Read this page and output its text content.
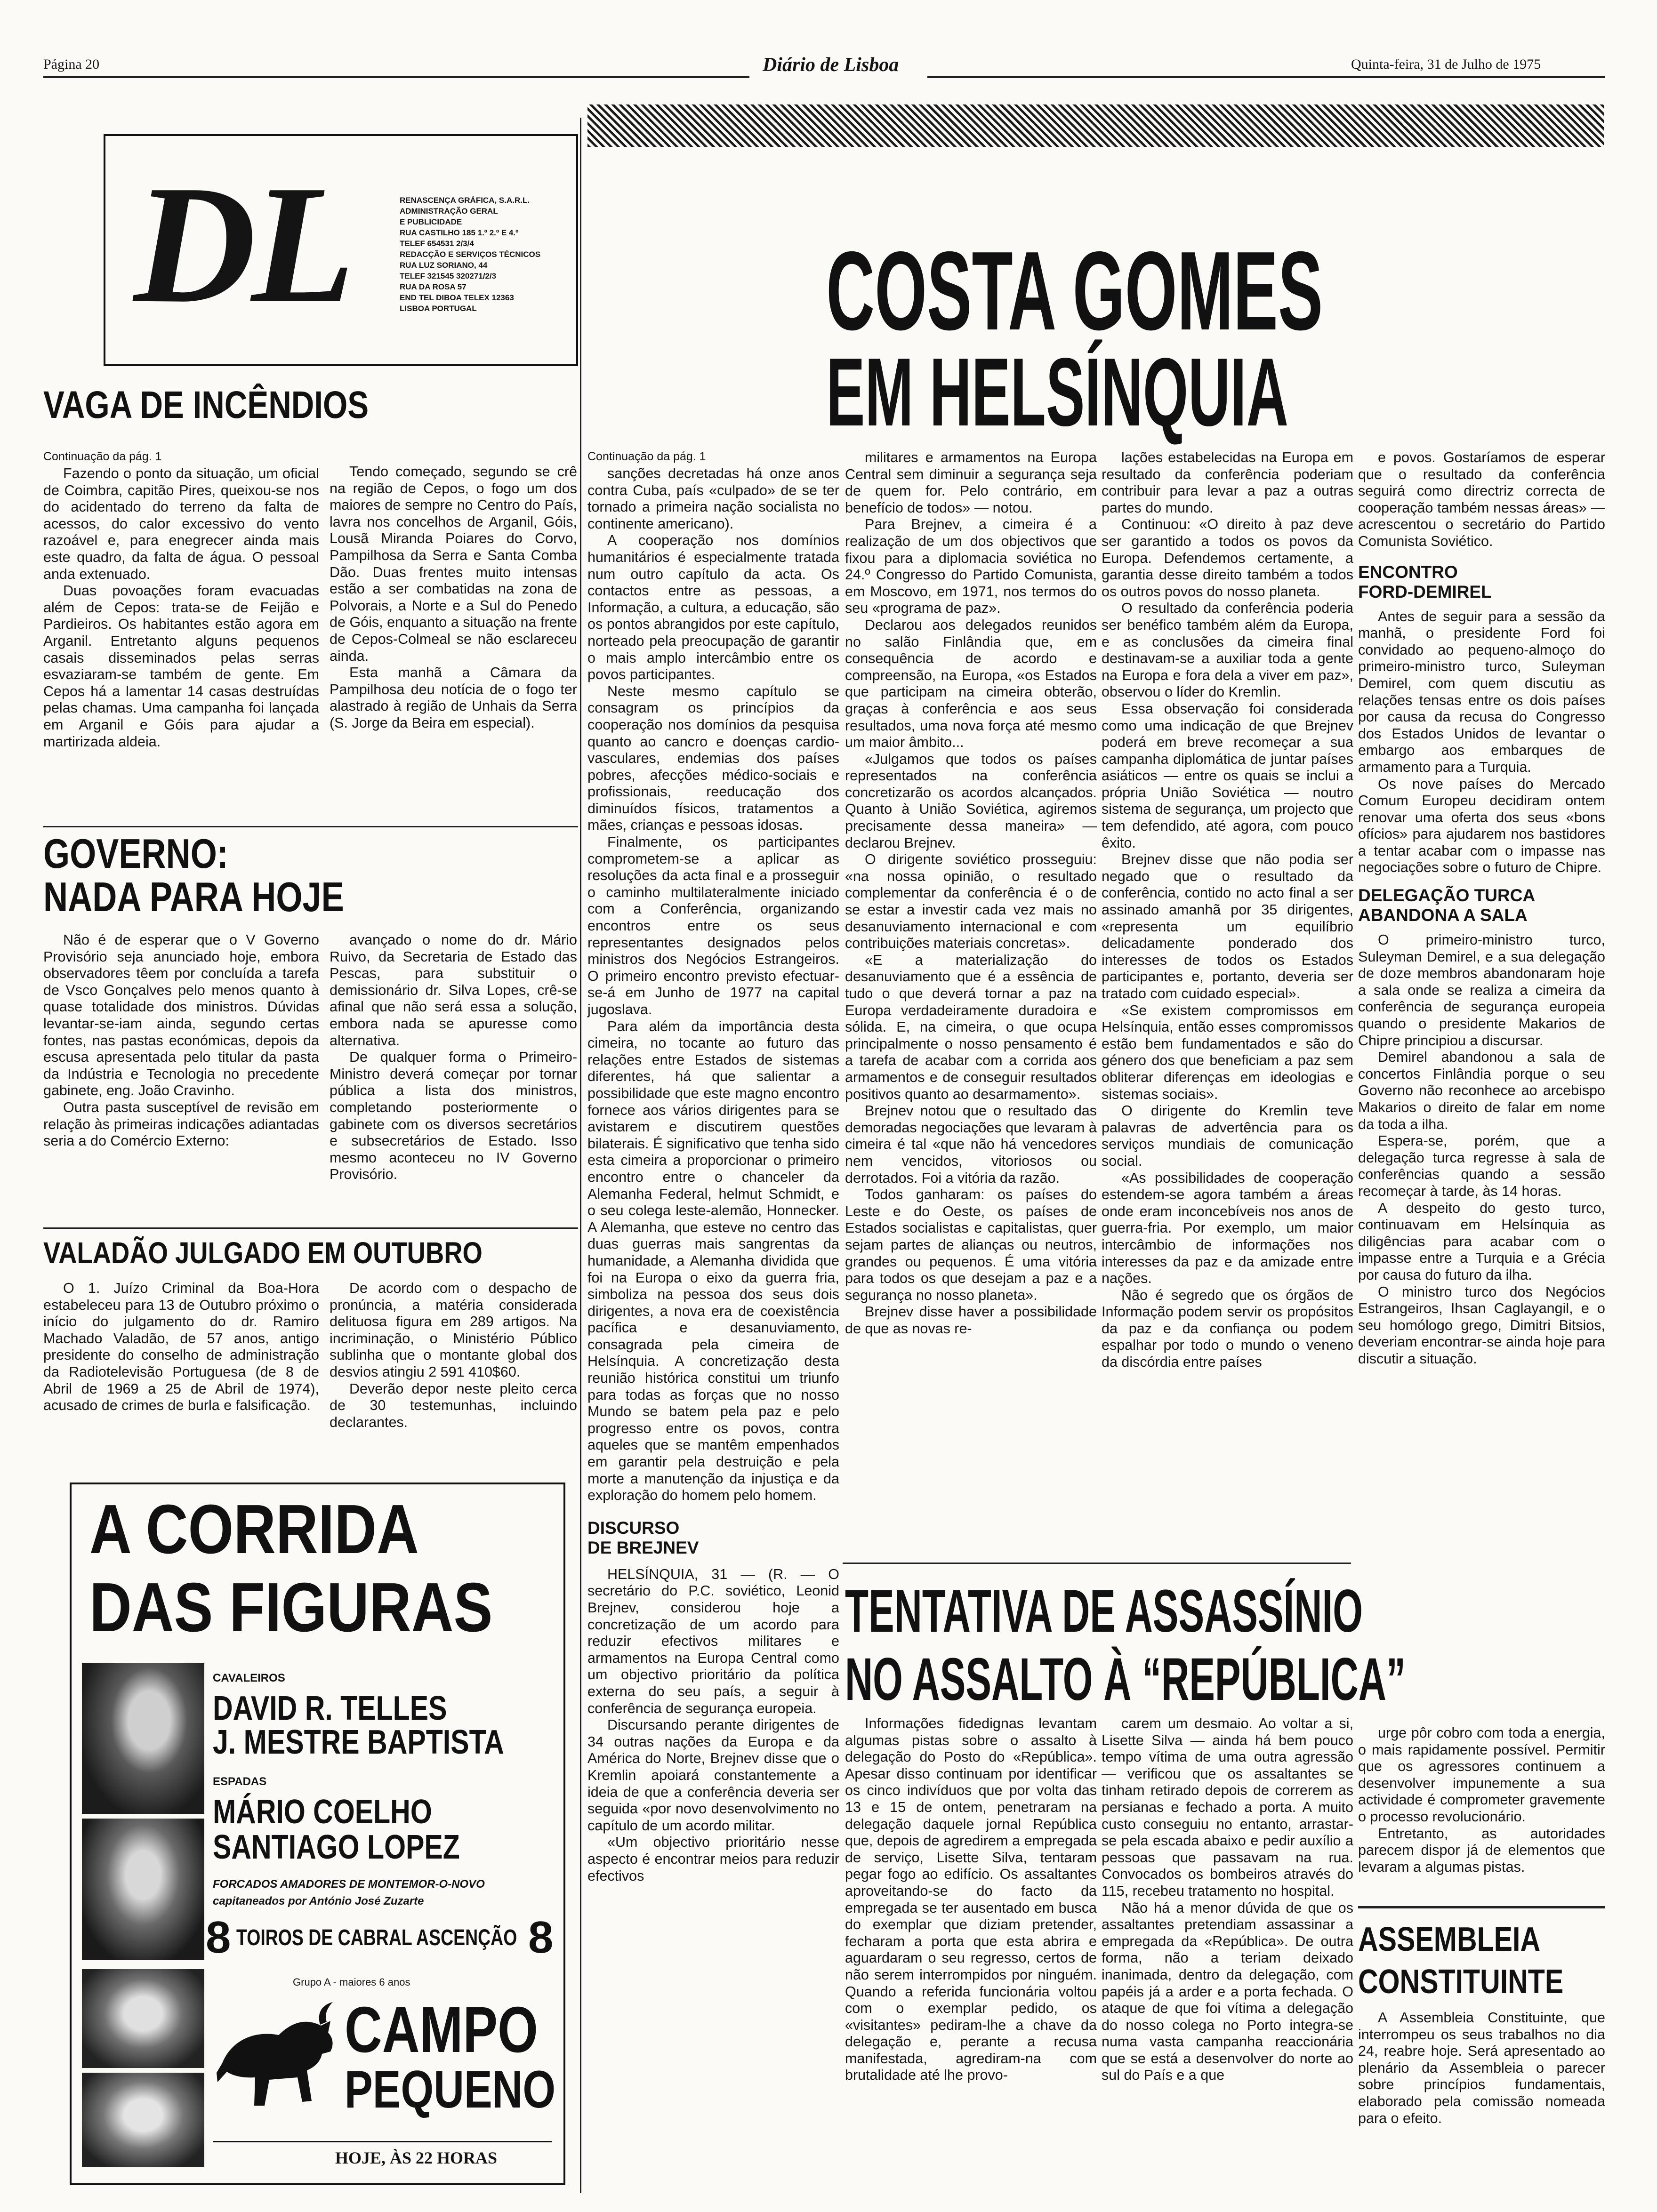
Página 20	Diário de Lisboa	Quinta-feira, 31 de Julho de 1975
DL	RENASCENÇA GRÁFICA, S.A.R.L.
ADMINISTRAÇÃO GERAL
E PUBLICIDADE
RUA CASTILHO 185 1.º 2.º E 4.º
TELEF 654531 2/3/4
REDACÇÃO E SERVIÇOS TÉCNICOS
RUA LUZ SORIANO, 44
TELEF 321545 320271/2/3
RUA DA ROSA 57
END TEL DIBOA TELEX 12363
LISBOA PORTUGAL
VAGA DE INCÊNDIOS
Continuação da pág. 1

Fazendo o ponto da situação, um oficial de Coimbra, capitão Pires, queixou-se nos do acidentado do terreno da falta de acessos, do calor excessivo do vento razoável e, para enegrecer ainda mais este quadro, da falta de água. O pessoal anda extenuado.

Duas povoações foram evacuadas além de Cepos: trata-se de Feijão e Pardieiros. Os habitantes estão agora em Arganil. Entretanto alguns pequenos casais disseminados pelas serras esvaziaram-se também de gente. Em Cepos há a lamentar 14 casas destruídas pelas chamas. Uma campanha foi lançada em Arganil e Góis para ajudar a martirizada aldeia.

Tendo começado, segundo se crê na região de Cepos, o fogo um dos maiores de sempre no Centro do País, lavra nos concelhos de Arganil, Góis, Lousã Miranda Poiares do Corvo, Pampilhosa da Serra e Santa Comba Dão. Duas frentes muito intensas estão a ser combatidas na zona de Polvorais, a Norte e a Sul do Penedo de Góis, enquanto a situação na frente de Cepos-Colmeal se não esclareceu ainda.

Esta manhã a Câmara da Pampilhosa deu notícia de o fogo ter alastrado à região de Unhais da Serra (S. Jorge da Beira em especial).

GOVERNO:
NADA PARA HOJE

Não é de esperar que o V Governo Provisório seja anunciado hoje, embora observadores têem por concluída a tarefa de Vsco Gonçalves pelo menos quanto à quase totalidade dos ministros. Dúvidas levantar-se-iam ainda, segundo certas fontes, nas pastas económicas, depois da escusa apresentada pelo titular da pasta da Indústria e Tecnologia no precedente gabinete, eng. João Cravinho.

Outra pasta susceptível de revisão em relação às primeiras indicações adiantadas seria a do Comércio Externo:

avançado o nome do dr. Mário Ruivo, da Secretaria de Estado das Pescas, para substituir o demissionário dr. Silva Lopes, crê-se afinal que não será essa a solução, embora nada se apuresse como alternativa.

De qualquer forma o Primeiro-Ministro deverá começar por tornar pública a lista dos ministros, completando posteriormente o gabinete com os diversos secretários e subsecretários de Estado. Isso mesmo aconteceu no IV Governo Provisório.

VALADÃO JULGADO EM OUTUBRO

O 1. Juízo Criminal da Boa-Hora estabeleceu para 13 de Outubro próximo o início do julgamento do dr. Ramiro Machado Valadão, de 57 anos, antigo presidente do conselho de administração da Radiotelevisão Portuguesa (de 8 de Abril de 1969 a 25 de Abril de 1974), acusado de crimes de burla e falsificação.

De acordo com o despacho de pronúncia, a matéria considerada delituosa figura em 289 artigos. Na incriminação, o Ministério Público sublinha que o montante global dos desvios atingiu 2 591 410$60.

Deverão depor neste pleito cerca de 30 testemunhas, incluindo declarantes.

A CORRIDA
DAS FIGURAS
CAVALEIROS
DAVID R. TELLES
J. MESTRE BAPTISTA
ESPADAS
MÁRIO COELHO
SANTIAGO LOPEZ
FORCADOS AMADORES DE MONTEMOR-O-NOVO
capitaneados por António José Zuzarte
8 TOIROS DE CABRAL ASCENÇÃO 8
Grupo A - maiores 6 anos
CAMPO
PEQUENO
HOJE, ÀS 22 HORAS
COSTA GOMES
EM HELSÍNQUIA
Continuação da pág. 1

sanções decretadas há onze anos contra Cuba, país «culpado» de se ter tornado a primeira nação socialista no continente americano).

A cooperação nos domínios humanitários é especialmente tratada num outro capítulo da acta. Os contactos entre as pessoas, a Informação, a cultura, a educação, são os pontos abrangidos por este capítulo, norteado pela preocupação de garantir o mais amplo intercâmbio entre os povos participantes.

Neste mesmo capítulo se consagram os princípios da cooperação nos domínios da pesquisa quanto ao cancro e doenças cardio-vasculares, endemias dos países pobres, afecções médico-sociais e profissionais, reeducação dos diminuídos físicos, tratamentos a mães, crianças e pessoas idosas.

Finalmente, os participantes comprometem-se a aplicar as resoluções da acta final e a prosseguir o caminho multilateralmente iniciado com a Conferência, organizando encontros entre os seus representantes designados pelos ministros dos Negócios Estrangeiros. O primeiro encontro previsto efectuar-se-á em Junho de 1977 na capital jugoslava.

Para além da importância desta cimeira, no tocante ao futuro das relações entre Estados de sistemas diferentes, há que salientar a possibilidade que este magno encontro fornece aos vários dirigentes para se avistarem e discutirem questões bilaterais. É significativo que tenha sido esta cimeira a proporcionar o primeiro encontro entre o chanceler da Alemanha Federal, helmut Schmidt, e o seu colega leste-alemão, Honnecker. A Alemanha, que esteve no centro das duas guerras mais sangrentas da humanidade, a Alemanha dividida que foi na Europa o eixo da guerra fria, simboliza na pessoa dos seus dois dirigentes, a nova era de coexistência pacífica e desanuviamento, consagrada pela cimeira de Helsínquia. A concretização desta reunião histórica constitui um triunfo para todas as forças que no nosso Mundo se batem pela paz e pelo progresso entre os povos, contra aqueles que se mantêm empenhados em garantir pela destruição e pela morte a manutenção da injustiça e da exploração do homem pelo homem.

DISCURSO
DE BREJNEV

HELSÍNQUIA, 31 — (R. — O secretário do P.C. soviético, Leonid Brejnev, considerou hoje a concretização de um acordo para reduzir efectivos militares e armamentos na Europa Central como um objectivo prioritário da política externa do seu país, a seguir à conferência de segurança europeia.

Discursando perante dirigentes de 34 outras nações da Europa e da América do Norte, Brejnev disse que o Kremlin apoiará constantemente a ideia de que a conferência deveria ser seguida «por novo desenvolvimento no capítulo de um acordo militar.

«Um objectivo prioritário nesse aspecto é encontrar meios para reduzir efectivos

militares e armamentos na Europa Central sem diminuir a segurança seja de quem for. Pelo contrário, em benefício de todos» — notou.

Para Brejnev, a cimeira é a realização de um dos objectivos que fixou para a diplomacia soviética no 24.º Congresso do Partido Comunista, em Moscovo, em 1971, nos termos do seu «programa de paz».

Declarou aos delegados reunidos no salão Finlândia que, em consequência de acordo e compreensão, na Europa, «os Estados que participam na cimeira obterão, graças à conferência e aos seus resultados, uma nova força até mesmo um maior âmbito...

«Julgamos que todos os países representados na conferência concretizarão os acordos alcançados. Quanto à União Soviética, agiremos precisamente dessa maneira» — declarou Brejnev.

O dirigente soviético prosseguiu: «na nossa opinião, o resultado complementar da conferência é o de se estar a investir cada vez mais no desanuviamento internacional e com contribuições materiais concretas».

«E a materialização do desanuviamento que é a essência de tudo o que deverá tornar a paz na Europa verdadeiramente duradoira e sólida. E, na cimeira, o que ocupa principalmente o nosso pensamento é a tarefa de acabar com a corrida aos armamentos e de conseguir resultados positivos quanto ao desarmamento».

Brejnev notou que o resultado das demoradas negociações que levaram à cimeira é tal «que não há vencedores nem vencidos, vitoriosos ou derrotados. Foi a vitória da razão.

Todos ganharam: os países do Leste e do Oeste, os países de Estados socialistas e capitalistas, quer sejam partes de alianças ou neutros, grandes ou pequenos. É uma vitória para todos os que desejam a paz e a segurança no nosso planeta».

Brejnev disse haver a possibilidade de que as novas re-

lações estabelecidas na Europa em resultado da conferência poderiam contribuir para levar a paz a outras partes do mundo.

Continuou: «O direito à paz deve ser garantido a todos os povos da Europa. Defendemos certamente, a garantia desse direito também a todos os outros povos do nosso planeta.

O resultado da conferência poderia ser benéfico também além da Europa, e as conclusões da cimeira final destinavam-se a auxiliar toda a gente na Europa e fora dela a viver em paz», observou o líder do Kremlin.

Essa observação foi considerada como uma indicação de que Brejnev poderá em breve recomeçar a sua campanha diplomática de juntar países asiáticos — entre os quais se inclui a própria União Soviética — noutro sistema de segurança, um projecto que tem defendido, até agora, com pouco êxito.

Brejnev disse que não podia ser negado que o resultado da conferência, contido no acto final a ser assinado amanhã por 35 dirigentes, «representa um equilíbrio delicadamente ponderado dos interesses de todos os Estados participantes e, portanto, deveria ser tratado com cuidado especial».

«Se existem compromissos em Helsínquia, então esses compromissos estão bem fundamentados e são do género dos que beneficiam a paz sem obliterar diferenças em ideologias e sistemas sociais».

O dirigente do Kremlin teve palavras de advertência para os serviços mundiais de comunicação social.

«As possibilidades de cooperação estendem-se agora também a áreas onde eram inconcebíveis nos anos de guerra-fria. Por exemplo, um maior intercâmbio de informações nos interesses da paz e da amizade entre nações.

Não é segredo que os órgãos de Informação podem servir os propósitos da paz e da confiança ou podem espalhar por todo o mundo o veneno da discórdia entre países

e povos. Gostaríamos de esperar que o resultado da conferência seguirá como directriz correcta de cooperação também nessas áreas» — acrescentou o secretário do Partido Comunista Soviético.

ENCONTRO
FORD-DEMIREL

Antes de seguir para a sessão da manhã, o presidente Ford foi convidado ao pequeno-almoço do primeiro-ministro turco, Suleyman Demirel, com quem discutiu as relações tensas entre os dois países por causa da recusa do Congresso dos Estados Unidos de levantar o embargo aos embarques de armamento para a Turquia.

Os nove países do Mercado Comum Europeu decidiram ontem renovar uma oferta dos seus «bons ofícios» para ajudarem nos bastidores a tentar acabar com o impasse nas negociações sobre o futuro de Chipre.

DELEGAÇÃO TURCA
ABANDONA A SALA

O primeiro-ministro turco, Suleyman Demirel, e a sua delegação de doze membros abandonaram hoje a sala onde se realiza a cimeira da conferência de segurança europeia quando o presidente Makarios de Chipre principiou a discursar.

Demirel abandonou a sala de concertos Finlândia porque o seu Governo não reconhece ao arcebispo Makarios o direito de falar em nome da toda a ilha.

Espera-se, porém, que a delegação turca regresse à sala de conferências quando a sessão recomeçar à tarde, às 14 horas.

A despeito do gesto turco, continuavam em Helsínquia as diligências para acabar com o impasse entre a Turquia e a Grécia por causa do futuro da ilha.

O ministro turco dos Negócios Estrangeiros, Ihsan Caglayangil, e o seu homólogo grego, Dimitri Bitsios, deveriam encontrar-se ainda hoje para discutir a situação.

TENTATIVA DE ASSASSÍNIO
NO ASSALTO À “REPÚBLICA”

Informações fidedignas levantam algumas pistas sobre o assalto à delegação do Posto do «República». Apesar disso continuam por identificar os cinco indivíduos que por volta das 13 e 15 de ontem, penetraram na delegação daquele jornal República que, depois de agredirem a empregada de serviço, Lisette Silva, tentaram pegar fogo ao edifício. Os assaltantes aproveitando-se do facto da empregada se ter ausentado em busca do exemplar que diziam pretender, fecharam a porta que esta abrira e aguardaram o seu regresso, certos de não serem interrompidos por ninguém. Quando a referida funcionária voltou com o exemplar pedido, os «visitantes» pediram-lhe a chave da delegação e, perante a recusa manifestada, agrediram-na com brutalidade até lhe provo-

carem um desmaio. Ao voltar a si, Lisette Silva — ainda há bem pouco tempo vítima de uma outra agressão — verificou que os assaltantes se tinham retirado depois de correrem as persianas e fechado a porta. A muito custo conseguiu no entanto, arrastar-se pela escada abaixo e pedir auxílio a pessoas que passavam na rua. Convocados os bombeiros através do 115, recebeu tratamento no hospital.

Não há a menor dúvida de que os assaltantes pretendiam assassinar a empregada da «República». De outra forma, não a teriam deixado inanimada, dentro da delegação, com papéis já a arder e a porta fechada. O ataque de que foi vítima a delegação do nosso colega no Porto integra-se numa vasta campanha reaccionária que se está a desenvolver do norte ao sul do País e a que

urge pôr cobro com toda a energia, o mais rapidamente possível. Permitir que os agressores continuem a desenvolver impunemente a sua actividade é comprometer gravemente o processo revolucionário.

Entretanto, as autoridades parecem dispor já de elementos que levaram a algumas pistas.

ASSEMBLEIA
CONSTITUINTE

A Assembleia Constituinte, que interrompeu os seus trabalhos no dia 24, reabre hoje. Será apresentado ao plenário da Assembleia o parecer sobre princípios fundamentais, elaborado pela comissão nomeada para o efeito.
